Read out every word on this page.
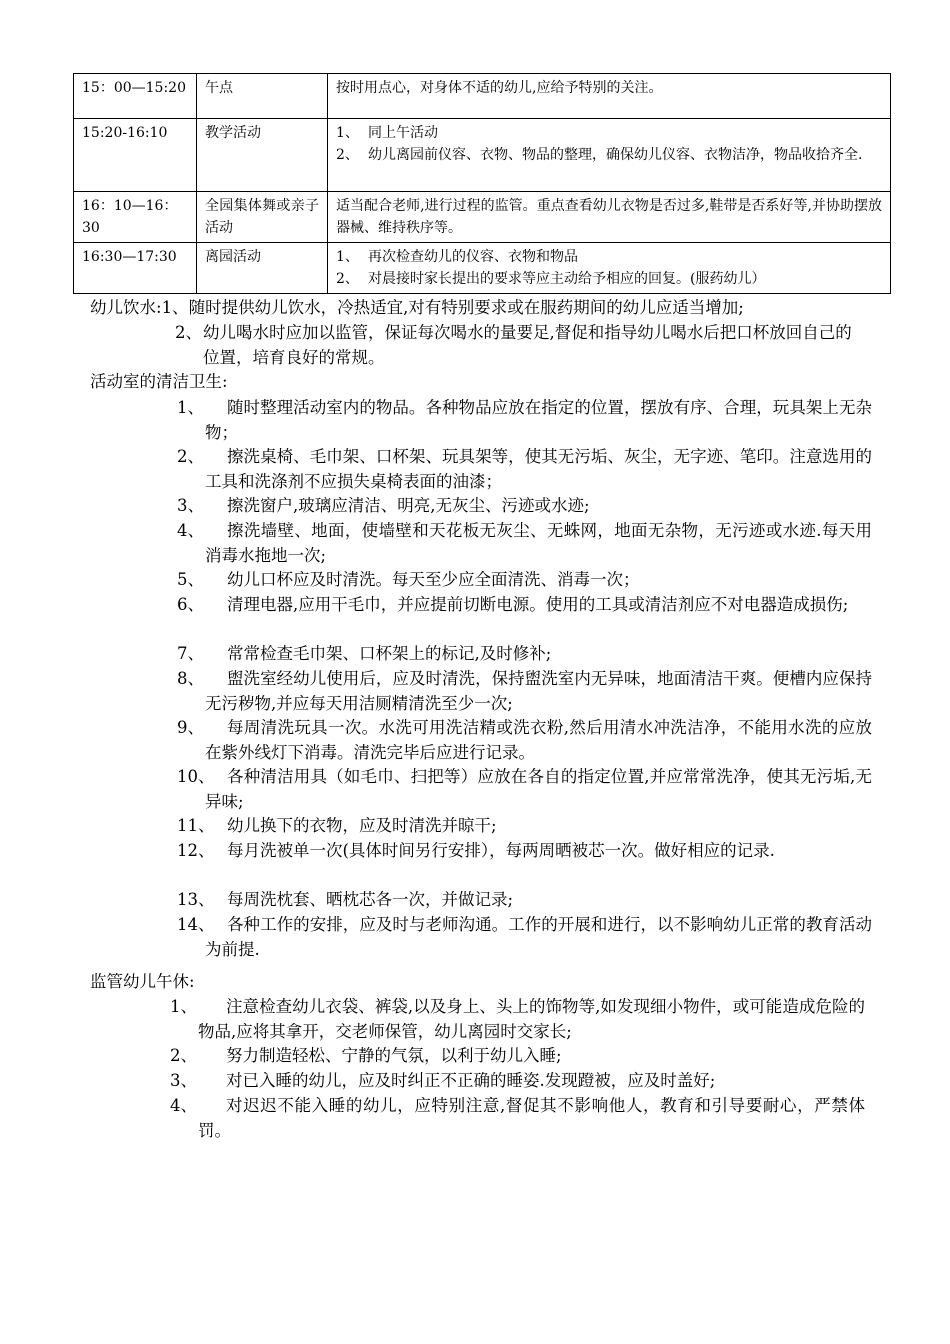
15：00—15:20	午点	按时用点心，对身体不适的幼儿,应给予特别的关注。

15:20-16:10	教学活动	1、 同上午活动
2、 幼儿离园前仪容、衣物、物品的整理，确保幼儿仪容、衣物洁净，物品收拾齐全.

16：10—16：30	全园集体舞或亲子活动	适当配合老师,进行过程的监管。重点查看幼儿衣物是否过多,鞋带是否系好等,并协助摆放器械、维持秩序等。
16:30—17:30	离园活动	1、 再次检查幼儿的仪容、衣物和物品
2、 对晨接时家长提出的要求等应主动给予相应的回复。(服药幼儿）
幼儿饮水:1、随时提供幼儿饮水，冷热适宜,对有特别要求或在服药期间的幼儿应适当增加;
2、 幼儿喝水时应加以监管，保证每次喝水的量要足,督促和指导幼儿喝水后把口杯放回自己的位置，培育良好的常规。
活动室的清洁卫生:
1、	随时整理活动室内的物品。各种物品应放在指定的位置，摆放有序、合理，玩具架上无杂物；
2、	擦洗桌椅、毛巾架、口杯架、玩具架等，使其无污垢、灰尘，无字迹、笔印。注意选用的工具和洗涤剂不应损失桌椅表面的油漆；
3、	擦洗窗户,玻璃应清洁、明亮,无灰尘、污迹或水迹;
4、	擦洗墙壁、地面，使墙壁和天花板无灰尘、无蛛网，地面无杂物，无污迹或水迹.每天用消毒水拖地一次;
5、	幼儿口杯应及时清洗。每天至少应全面清洗、消毒一次；
6、	清理电器,应用干毛巾，并应提前切断电源。使用的工具或清洁剂应不对电器造成损伤;
7、	常常检查毛巾架、口杯架上的标记,及时修补;
8、	盥洗室经幼儿使用后，应及时清洗，保持盥洗室内无异味，地面清洁干爽。便槽内应保持无污秽物,并应每天用洁厕精清洗至少一次;
9、	每周清洗玩具一次。水洗可用洗洁精或洗衣粉,然后用清水冲洗洁净，不能用水洗的应放在紫外线灯下消毒。清洗完毕后应进行记录。
10、 各种清洁用具（如毛巾、扫把等）应放在各自的指定位置,并应常常洗净，使其无污垢,无异味;
11、 幼儿换下的衣物，应及时清洗并晾干;
12、 每月洗被单一次(具体时间另行安排），每两周晒被芯一次。做好相应的记录.
13、 每周洗枕套、晒枕芯各一次，并做记录;
14、 各种工作的安排，应及时与老师沟通。工作的开展和进行，以不影响幼儿正常的教育活动为前提.
监管幼儿午休:
1、	注意检查幼儿衣袋、裤袋,以及身上、头上的饰物等,如发现细小物件，或可能造成危险的物品,应将其拿开，交老师保管，幼儿离园时交家长;
2、	努力制造轻松、宁静的气氛，以利于幼儿入睡;
3、	对已入睡的幼儿，应及时纠正不正确的睡姿.发现蹬被，应及时盖好;
4、	对迟迟不能入睡的幼儿，应特别注意,督促其不影响他人，教育和引导要耐心，严禁体罚。
